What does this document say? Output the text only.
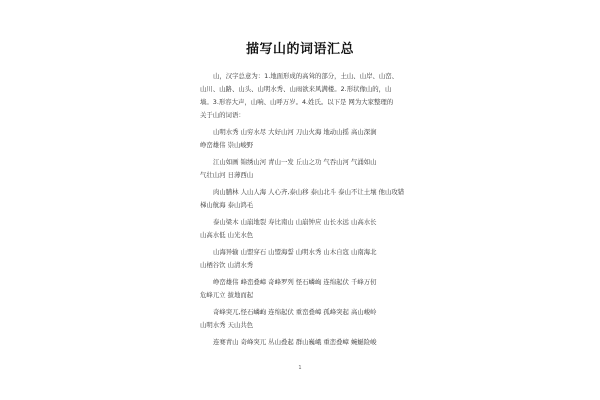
描写山的词语汇总
山，汉字总意为：1.地面形成的高耸的部分，土山、山岸、山峦、
山川、山路、山头、山明水秀、山雨欲来风满楼。2.形状像山的，山
墙。3.形容大声，山响、山呼万岁。4.姓氏。以下是 网为大家整理的
关于山的词语：
山明水秀 山穷水尽 大好山河 刀山火海 地动山摇 高山深涧
峥峦雄伟 崇山峻野
江山如画 锦绣山河 青山一发 丘山之功 气吞山河 气涌如山
气壮山河 日薄西山
肉山脯林 人山人海 人心齐,泰山移 泰山北斗 泰山不让土壤 他山攻错
梯山航海 泰山鸿毛
泰山梁木 山崩地裂 寿比南山 山崩钟应 山长水远 山高水长
山高水低 山光水色
山海异输 山盟穿石 山盟海誓 山明水秀 山木自寇 山南海北
山栖谷饮 山清水秀
峥峦雄伟 峰峦叠嶂 奇峰罗列 怪石嶙峋 连绵起伏 千峰万仞
危峰兀立 拔地而起
奇峰突兀,怪石嶙峋 连绵起伏 重峦叠嶂 孤峰突起 高山峻岭
山明水秀 天山共色
连赛青山 奇峰突兀 丛山叠起 群山巍峨 重峦叠嶂 蜿蜒险峻
1
